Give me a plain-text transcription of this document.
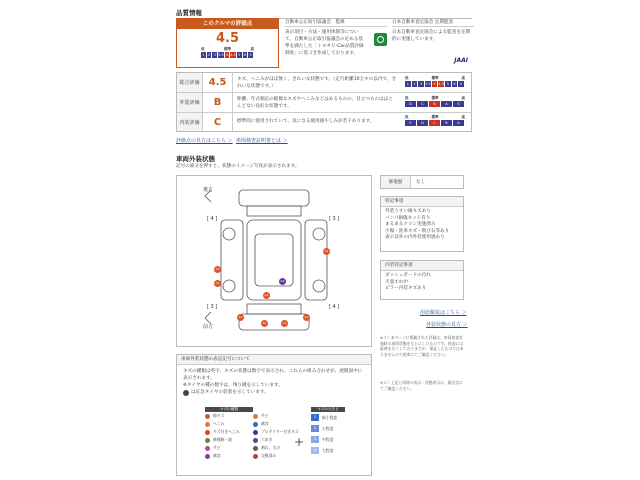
品質情報
このクルマの評価点
4.5
低	標準	高
1 2 3 3.5 4 4.5 5 6 S
自動車公正取引協議会　監修
表示項目・方法・運用体制等について、自動車公正取引協議会の定める基準を満たした「トヨタＵ-Car品質評価制度」に基づき作成しております。
日本自動車査定協会 定期監査
日本自動車査定協会による監査を定期的に実施しています。
JAAI
総合評価 4.5	キズ、へこみがほぼ無く、きれいな状態です。（走行距離10万キロ以内で、きれいな状態です。）
低	標準	高
1	2	3 3.5 4 4.5 5	6	S
外装評価	B	距離、年式相応の軽微なキズやへこみなどはあるものの、目立つものはほとんどない良好な状態です。
低	標準	高
D	C	B	A	S
内装評価	C	標準的に使用されていて、気になる使用感やしみが若干あります。
低	標準	高
E	D	C	B	A
評価点の見方はこちら ＞ 車両検査証明書とは ＞
車両外装状態
記号の部分を押すと、状態のイメージ写真が表示されます。
後方
前方
[ 4 ]	[ 3 ]
[ 3 ]	[ 4 ]
A1
A1	A1
A1
A1
A1	A1
A1
A1
修復歴	なし
特記事項
外装うすい線キズあり
バンパ損傷キット有り
まるまるクリン実施済み
小傷・洗車キズ・飛び石等あり
表示以外の内外装使用感あり
内装特記事項
ダッシュボードの汚れ
天張すれ中
ピラー内装キズあり
用語解説はこちら ＞
外装状態の見方 ＞
※１）本ページに掲載された評価は、車両検査実施時の車両状態をもとにしたものです。検査には最善を尽くしておりますが、保証したものではありませんので現車にてご確認ください。
※２）上記と同様の表示・状態表示は、販売店にてご確認ください。
車両外装状態の表記記号について
キズの種類は英字、キズの状態は数字で表示され、これらの組み合わせが、展開図中に表示されます。
※タイヤの種の数字は、残り溝を示しています。
は応急タイヤの装着を示しています。
キズの種類
線キズ
へこみ
キズ付きへこみ
修理跡・波
サビ
腐食
サビ
腐食
プロテクター付きキズ
穴あき
割れ、欠け
交換済み
+
キズの大きさ
1	極小程度
2	小程度
3	中程度
4	大程度
